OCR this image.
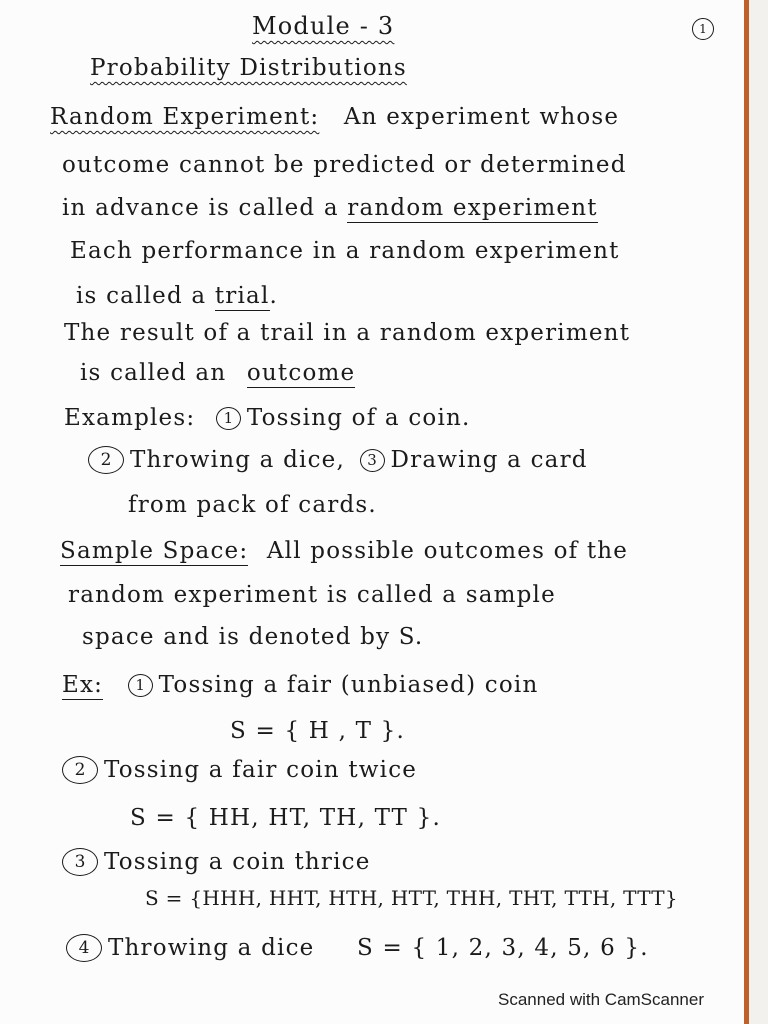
1
Module - 3
Probability Distributions
Random Experiment: An experiment whose
outcome cannot be predicted or determined
in advance is called a random experiment
Each performance in a random experiment
is called a trial.
The result of a trail in a random experiment
is called an outcome
Examples: 1 Tossing of a coin.
2 Throwing a dice, 3 Drawing a card
from pack of cards.
Sample Space: All possible outcomes of the
random experiment is called a sample
space and is denoted by S.
Ex: 1 Tossing a fair (unbiased) coin
S = { H , T }.
2 Tossing a fair coin twice
S = { HH, HT, TH, TT }.
3 Tossing a coin thrice
S = {HHH, HHT, HTH, HTT, THH, THT, TTH, TTT}
4 Throwing a dice S = { 1, 2, 3, 4, 5, 6 }.
Scanned with CamScanner
